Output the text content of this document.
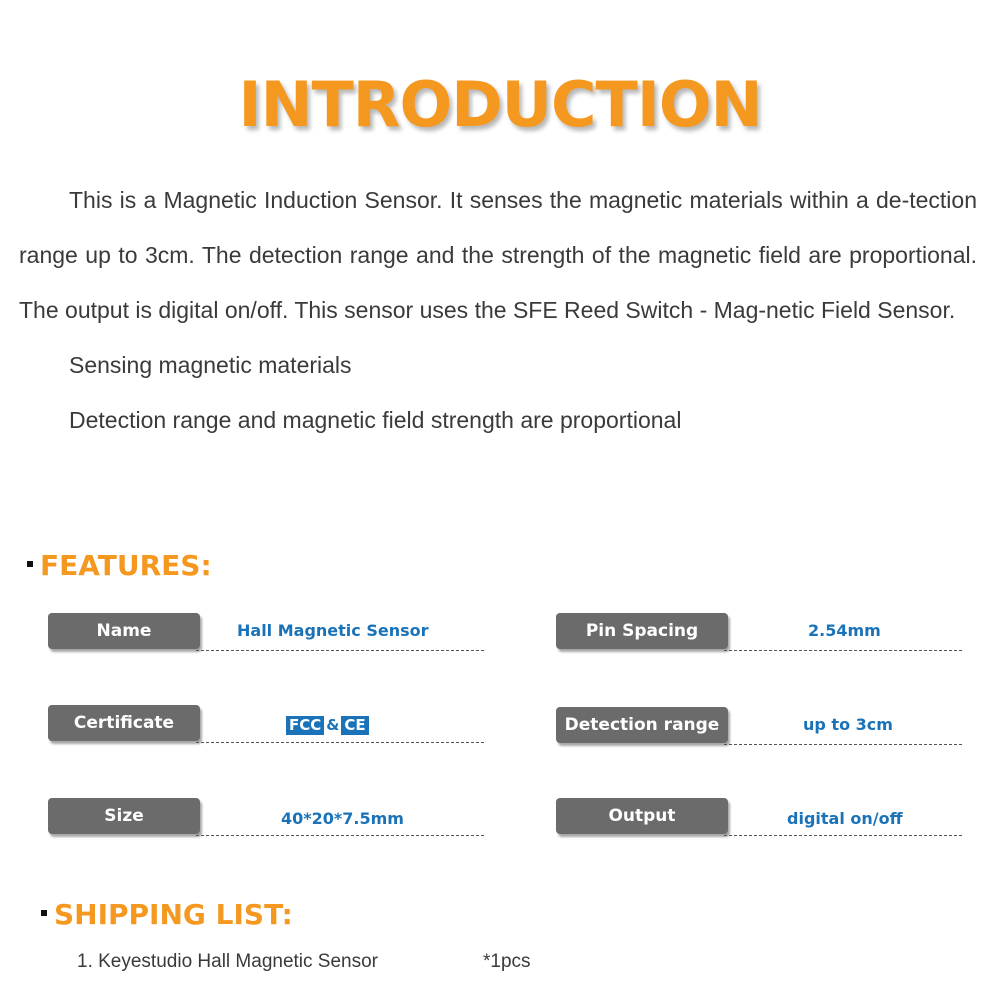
INTRODUCTION

This is a Magnetic Induction Sensor. It senses the magnetic materials within a de-tection range up to 3cm. The detection range and the strength of the magnetic field are proportional. The output is digital on/off. This sensor uses the SFE Reed Switch - Mag-netic Field Sensor.

Sensing magnetic materials

Detection range and magnetic field strength are proportional

FEATURES:
Name	Hall Magnetic Sensor	Pin Spacing	2.54mm
Certificate	FCC & CE	Detection range	up to 3cm
Size	40*20*7.5mm	Output	digital on/off
SHIPPING LIST:
1. Keyestudio Hall Magnetic Sensor	*1pcs
